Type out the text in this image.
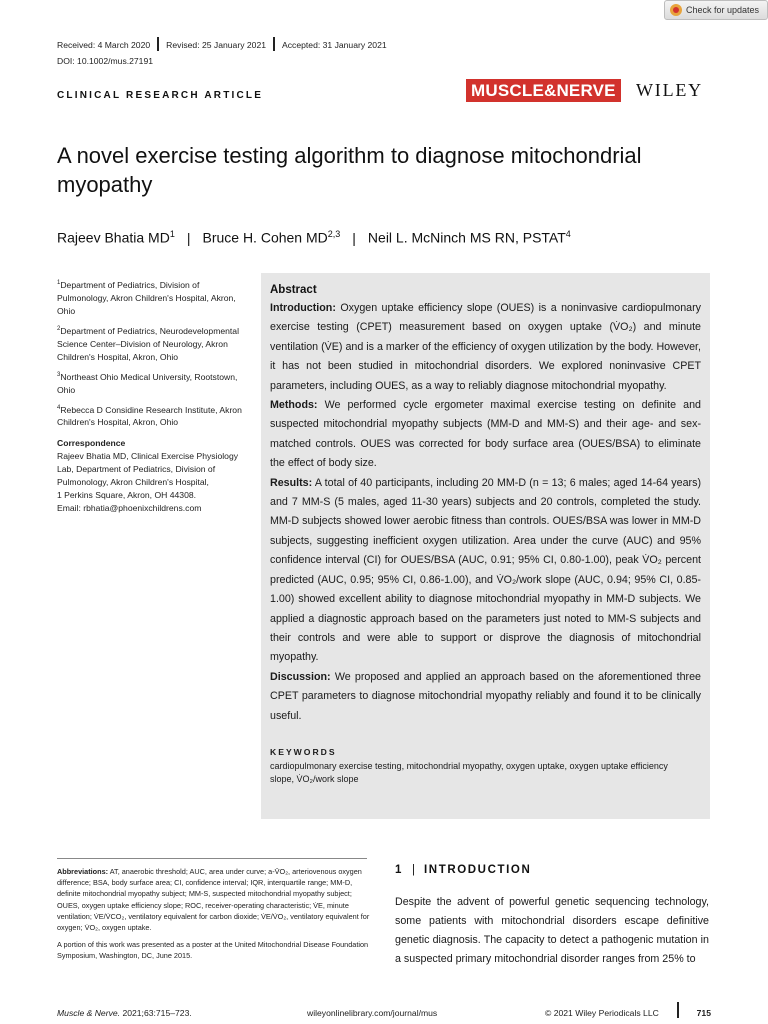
Check for updates
Received: 4 March 2020	Revised: 25 January 2021	Accepted: 31 January 2021
DOI: 10.1002/mus.27191
CLINICAL RESEARCH ARTICLE	MUSCLE&NERVE WILEY
A novel exercise testing algorithm to diagnose mitochondrial myopathy
Rajeev Bhatia $MD^1$ | Bruce H. Cohen MD$^{2,3}$ | Neil L. McNinch MS RN, PSTAT$^4$

$^1$Department of Pediatrics, Division of Pulmonology, Akron Children's Hospital, Akron, Ohio

$^2$Department of Pediatrics, Neurodevelopmental Science Center–Division of Neurology, Akron Children's Hospital, Akron, Ohio

$^3$Northeast Ohio Medical University, Rootstown, Ohio

$^4$Rebecca D Considine Research Institute, Akron Children's Hospital, Akron, Ohio

Correspondence
Rajeev Bhatia MD, Clinical Exercise Physiology Lab, Department of Pediatrics, Division of Pulmonology, Akron Children's Hospital,
1 Perkins Square, Akron, OH 44308.
Email: rbhatia@phoenixchildrens.com
Abstract

Introduction: Oxygen uptake efficiency slope (OUES) is a noninvasive cardiopulmonary exercise testing (CPET) measurement based on oxygen uptake (V̇O₂) and minute ventilation (V̇E) and is a marker of the efficiency of oxygen utilization by the body. However, it has not been studied in mitochondrial disorders. We explored noninvasive CPET parameters, including OUES, as a way to reliably diagnose mitochondrial myopathy.

Methods: We performed cycle ergometer maximal exercise testing on definite and suspected mitochondrial myopathy subjects (MM-D and MM-S) and their age- and sex-matched controls. OUES was corrected for body surface area (OUES/BSA) to eliminate the effect of body size.

Results: A total of 40 participants, including 20 MM-D (n = 13; 6 males; aged 14-64 years) and 7 MM-S (5 males, aged 11-30 years) subjects and 20 controls, completed the study. MM-D subjects showed lower aerobic fitness than controls. OUES/BSA was lower in MM-D subjects, suggesting inefficient oxygen utilization. Area under the curve (AUC) and 95% confidence interval (CI) for OUES/BSA (AUC, 0.91; 95% CI, 0.80-1.00), peak V̇O₂ percent predicted (AUC, 0.95; 95% CI, 0.86-1.00), and V̇O₂/work slope (AUC, 0.94; 95% CI, 0.85-1.00) showed excellent ability to diagnose mitochondrial myopathy in MM-D subjects. We applied a diagnostic approach based on the parameters just noted to MM-S subjects and their controls and were able to support or disprove the diagnosis of mitochondrial myopathy.

Discussion: We proposed and applied an approach based on the aforementioned three CPET parameters to diagnose mitochondrial myopathy reliably and found it to be clinically useful.

KEYWORDS
cardiopulmonary exercise testing, mitochondrial myopathy, oxygen uptake, oxygen uptake efficiency slope, V̇O₂/work slope
Abbreviations: AT, anaerobic threshold; AUC, area under curve; a-V̄O₂, arteriovenous oxygen difference; BSA, body surface area; CI, confidence interval; IQR, interquartile range; MM-D, definite mitochondrial myopathy subject; MM-S, suspected mitochondrial myopathy subject; OUES, oxygen uptake efficiency slope; ROC, receiver-operating characteristic; V̇E, minute ventilation; V̇E/V̇CO₂, ventilatory equivalent for carbon dioxide; V̇E/V̇O₂, ventilatory equivalent for oxygen; V̇O₂, oxygen uptake.
A portion of this work was presented as a poster at the United Mitochondrial Disease Foundation Symposium, Washington, DC, June 2015.
1 | INTRODUCTION
Despite the advent of powerful genetic sequencing technology, some patients with mitochondrial disorders escape definitive genetic diagnosis. The capacity to detect a pathogenic mutation in a suspected primary mitochondrial disorder ranges from 25% to
Muscle & Nerve. 2021;63:715–723.	wileyonlinelibrary.com/journal/mus	© 2021 Wiley Periodicals LLC	715
